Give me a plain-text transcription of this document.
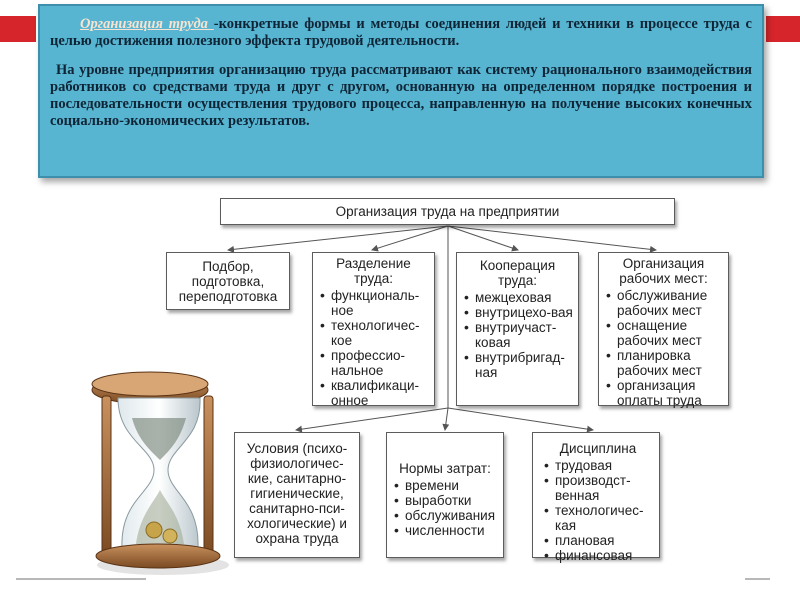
Организация труда -конкретные формы и методы соединения людей и техники в процессе труда с целью достижения полезного эффекта трудовой деятельности.
На уровне предприятия организацию труда рассматривают как систему рационального взаимодействия работников со средствами труда и друг с другом, основанную на определенном порядке построения и последовательности осуществления трудового процесса, направленную на получение высоких конечных социально-экономических результатов.
Организация труда на предприятии
Подбор, подготовка, переподготовка
Разделение труда:
• функциональ-ное
• технологичес-кое
• профессио-нальное
• квалификаци-онное
Кооперация труда:
• межцеховая
• внутрицехо-вая
• внутриучаст-ковая
• внутрибригад-ная
Организация рабочих мест:
• обслуживание рабочих мест
• оснащение рабочих мест
• планировка рабочих мест
• организация оплаты труда
Условия (психо-физиологичес-кие, санитарно-гигиенические, санитарно-пси-хологические) и охрана труда
Нормы затрат:
• времени
• выработки
• обслуживания
• численности
Дисциплина
• трудовая
• производст-венная
• технологичес-кая
• плановая
• финансовая
